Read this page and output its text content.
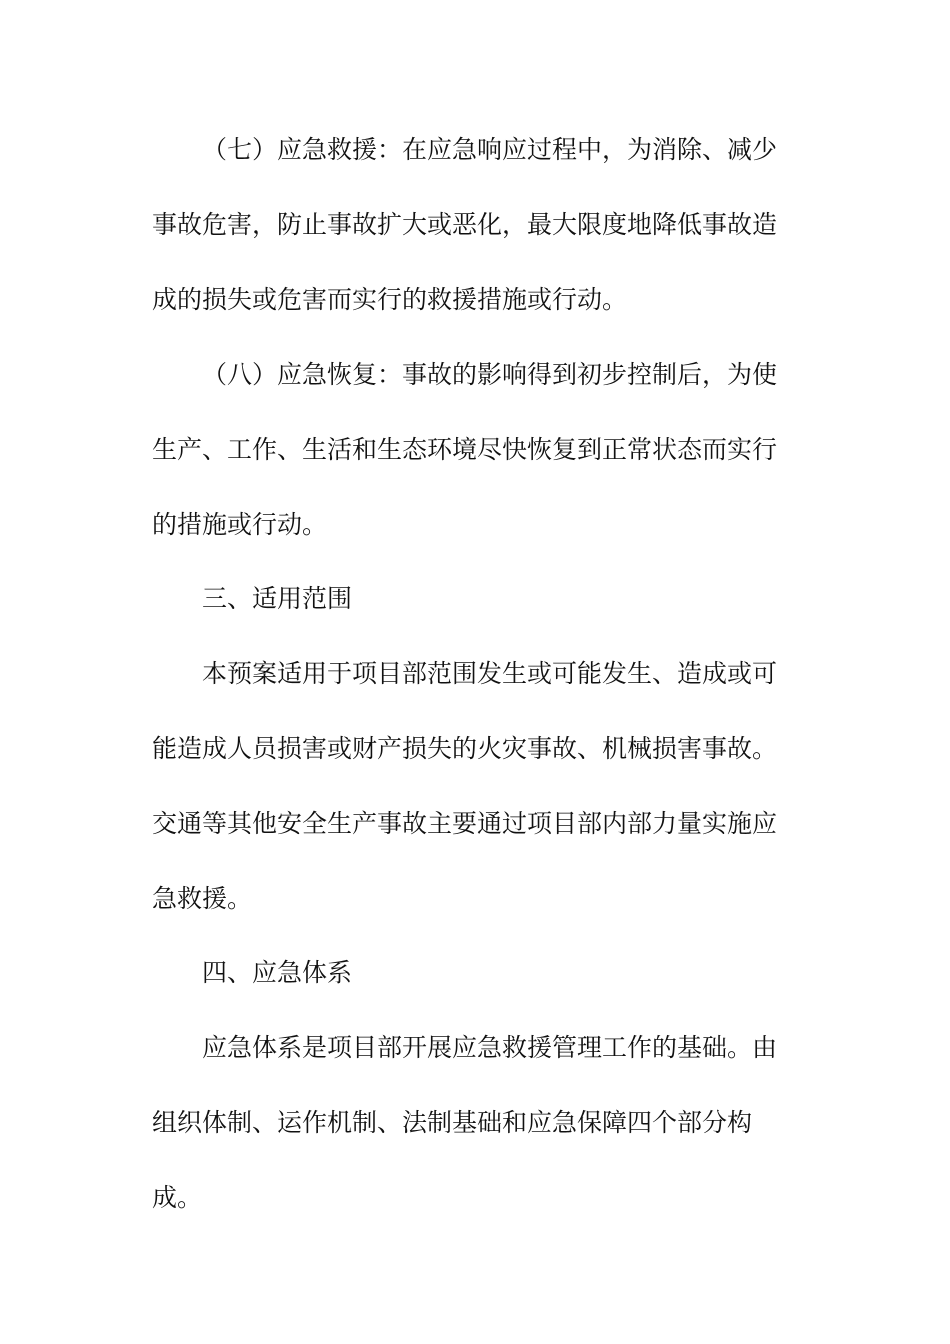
（七）应急救援：在应急响应过程中，为消除、减少
事故危害，防止事故扩大或恶化，最大限度地降低事故造
成的损失或危害而实行的救援措施或行动。
（八）应急恢复：事故的影响得到初步控制后，为使
生产、工作、生活和生态环境尽快恢复到正常状态而实行
的措施或行动。
三、适用范围
本预案适用于项目部范围发生或可能发生、造成或可
能造成人员损害或财产损失的火灾事故、机械损害事故。
交通等其他安全生产事故主要通过项目部内部力量实施应
急救援。
四、应急体系
应急体系是项目部开展应急救援管理工作的基础。由
组织体制、运作机制、法制基础和应急保障四个部分构
成。
